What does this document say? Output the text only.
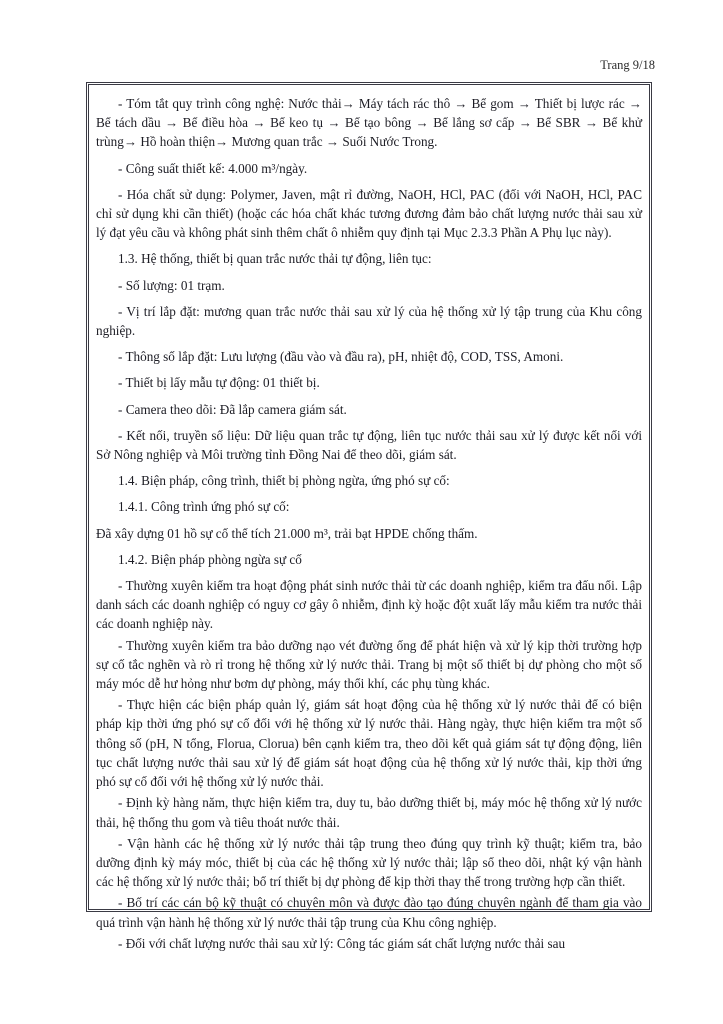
Trang 9/18

- Tóm tắt quy trình công nghệ: Nước thải→ Máy tách rác thô → Bể gom → Thiết bị lược rác → Bể tách dầu → Bể điều hòa → Bể keo tụ → Bể tạo bông → Bể lắng sơ cấp → Bể SBR → Bể khử trùng→ Hồ hoàn thiện→ Mương quan trắc → Suối Nước Trong.

- Công suất thiết kế: 4.000 m³/ngày.

- Hóa chất sử dụng: Polymer, Javen, mật rỉ đường, NaOH, HCl, PAC (đối với NaOH, HCl, PAC chỉ sử dụng khi cần thiết) (hoặc các hóa chất khác tương đương đảm bảo chất lượng nước thải sau xử lý đạt yêu cầu và không phát sinh thêm chất ô nhiễm quy định tại Mục 2.3.3 Phần A Phụ lục này).

1.3. Hệ thống, thiết bị quan trắc nước thải tự động, liên tục:

- Số lượng: 01 trạm.

- Vị trí lắp đặt: mương quan trắc nước thải sau xử lý của hệ thống xử lý tập trung của Khu công nghiệp.

- Thông số lắp đặt: Lưu lượng (đầu vào và đầu ra), pH, nhiệt độ, COD, TSS, Amoni.

- Thiết bị lấy mẫu tự động: 01 thiết bị.

- Camera theo dõi: Đã lắp camera giám sát.

- Kết nối, truyền số liệu: Dữ liệu quan trắc tự động, liên tục nước thải sau xử lý được kết nối với Sở Nông nghiệp và Môi trường tỉnh Đồng Nai để theo dõi, giám sát.

1.4. Biện pháp, công trình, thiết bị phòng ngừa, ứng phó sự cố:

1.4.1. Công trình ứng phó sự cố:

Đã xây dựng 01 hồ sự cố thể tích 21.000 m³, trải bạt HPDE chống thấm.

1.4.2. Biện pháp phòng ngừa sự cố

- Thường xuyên kiểm tra hoạt động phát sinh nước thải từ các doanh nghiệp, kiểm tra đấu nối. Lập danh sách các doanh nghiệp có nguy cơ gây ô nhiễm, định kỳ hoặc đột xuất lấy mẫu kiểm tra nước thải các doanh nghiệp này.

- Thường xuyên kiểm tra bảo dưỡng nạo vét đường ống để phát hiện và xử lý kịp thời trường hợp sự cố tắc nghẽn và rò rỉ trong hệ thống xử lý nước thải. Trang bị một số thiết bị dự phòng cho một số máy móc dễ hư hỏng như bơm dự phòng, máy thổi khí, các phụ tùng khác.

- Thực hiện các biện pháp quản lý, giám sát hoạt động của hệ thống xử lý nước thải để có biện pháp kịp thời ứng phó sự cố đối với hệ thống xử lý nước thải. Hàng ngày, thực hiện kiểm tra một số thông số (pH, N tổng, Florua, Clorua) bên cạnh kiểm tra, theo dõi kết quả giám sát tự động động, liên tục chất lượng nước thải sau xử lý để giám sát hoạt động của hệ thống xử lý nước thải, kịp thời ứng phó sự cố đối với hệ thống xử lý nước thải.

- Định kỳ hàng năm, thực hiện kiểm tra, duy tu, bảo dưỡng thiết bị, máy móc hệ thống xử lý nước thải, hệ thống thu gom và tiêu thoát nước thải.

- Vận hành các hệ thống xử lý nước thải tập trung theo đúng quy trình kỹ thuật; kiểm tra, bảo dưỡng định kỳ máy móc, thiết bị của các hệ thống xử lý nước thải; lập sổ theo dõi, nhật ký vận hành các hệ thống xử lý nước thải; bổ trí thiết bị dự phòng để kịp thời thay thế trong trường hợp cần thiết.

- Bố trí các cán bộ kỹ thuật có chuyên môn và được đào tạo đúng chuyên ngành để tham gia vào quá trình vận hành hệ thống xử lý nước thải tập trung của Khu công nghiệp.

- Đối với chất lượng nước thải sau xử lý: Công tác giám sát chất lượng nước thải sau
